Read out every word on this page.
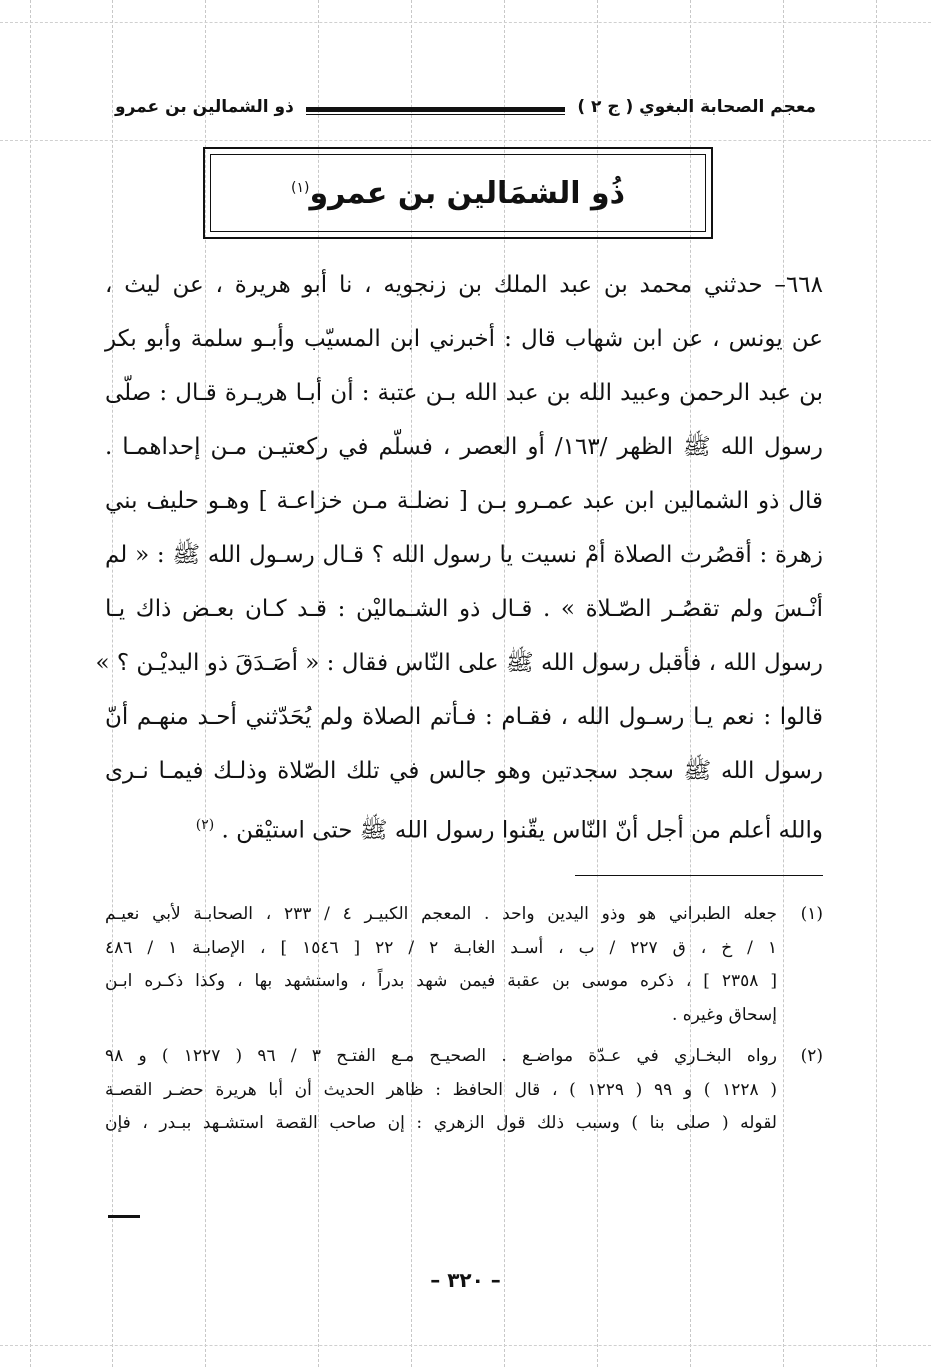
معجم الصحابة البغوي ( ج ٢ )
ذو الشمالين بن عمرو
ذُو الشمَالين بن عمرو$^{(١)}$
٦٦٨– حدثني محمد بن عبد الملك بن زنجويه ، نا أبو هريرة ، عن ليث ،
عن يونس ، عن ابن شهاب قال : أخبرني ابن المسيّب وأبـو سلمة وأبو بكر
بن عبد الرحمن وعبيد الله بن عبد الله بـن عتبة : أن أبـا هريـرة قـال : صلّى
رسول الله ﷺ الظهر /١٦٣/ أو العصر ، فسلّم في ركعتيـن مـن إحداهمـا .
قال ذو الشمالين ابن عبد عمـرو بـن [ نضلـة مـن خزاعـة ] وهـو حليف بني
زهرة : أقصُرت الصلاة أمْ نسيت يا رسول الله ؟ قـال رسـول الله ﷺ : « لم
أنْـسَ ولم تقصُـر الصّـلاة » . قـال ذو الشـماليْن : قـد كـان بعـض ذاك يـا
رسول الله ، فأقبل رسول الله ﷺ على النّاس فقال : « أصَـدَقَ ذو اليديْـن ؟ »
قالوا : نعم يـا رسـول الله ، فقـام : فـأتم الصلاة ولم يُحَدّثني أحـد منهـم أنّ
رسول الله ﷺ سجد سجدتين وهو جالس في تلك الصّلاة وذلـك فيمـا نـرى
والله أعلم من أجل أنّ النّاس يقّنوا رسول الله ﷺ حتى استيْقن . $^{(٢)}$
(١)
جعله الطبراني هو وذو اليدين واحد . المعجم الكبيـر ٤ / ٢٣٣ ، الصحابـة لأبي نعيـم
١ / خ ، ق ٢٢٧ / ب ، أسـد الغابـة ٢ / ٢٢ [ ١٥٤٦ ] ، الإصابـة ١ / ٤٨٦
[ ٢٣٥٨ ] ، ذكره موسى بن عقبة فيمن شهد بدراً ، واستشهد بها ، وكذا ذكـره ابـن
إسحاق وغيره .
(٢)
رواه البخـاري في عـدّة مواضـع . الصحيـح مـع الفتـح ٣ / ٩٦ ( ١٢٢٧ ) و ٩٨
( ١٢٢٨ ) و ٩٩ ( ١٢٢٩ ) ، قال الحافظ : ظاهر الحديث أن أبا هريرة حضـر القصـة
لقوله ( صلى بنا ) وسبب ذلك قول الزهري : إن صاحب القصة استشـهد ببـدر ، فإن
– ٣٢٠ –
